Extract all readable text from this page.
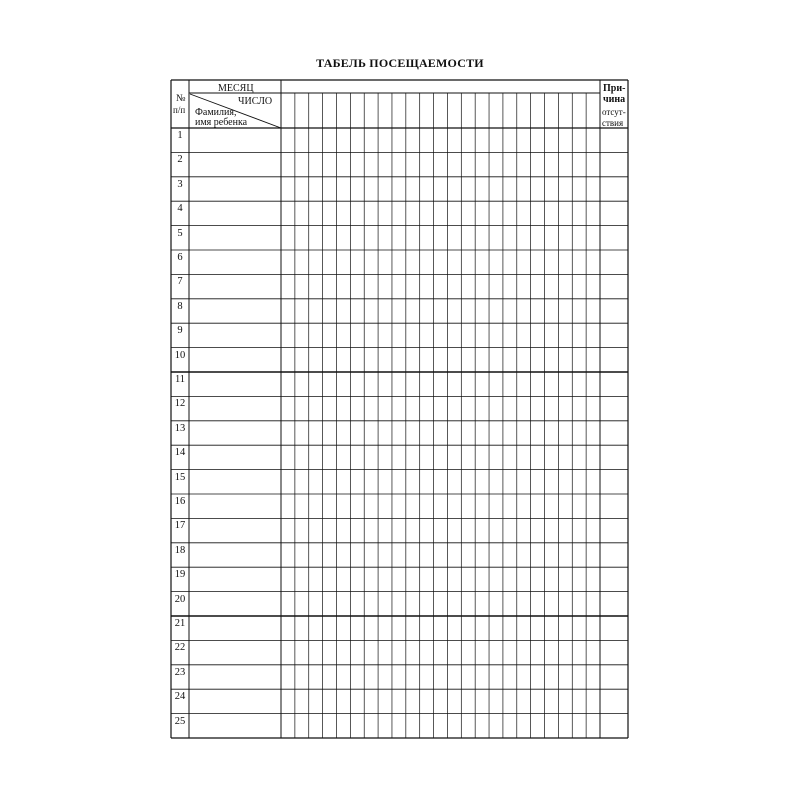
ТАБЕЛЬ ПОСЕЩАЕМОСТИ
№
п/п
МЕСЯЦ
ЧИСЛО
Фамилия,
имя ребенка
При-
чина
отсут-
ствия
1
2
3
4
5
6
7
8
9
10
11
12
13
14
15
16
17
18
19
20
21
22
23
24
25
